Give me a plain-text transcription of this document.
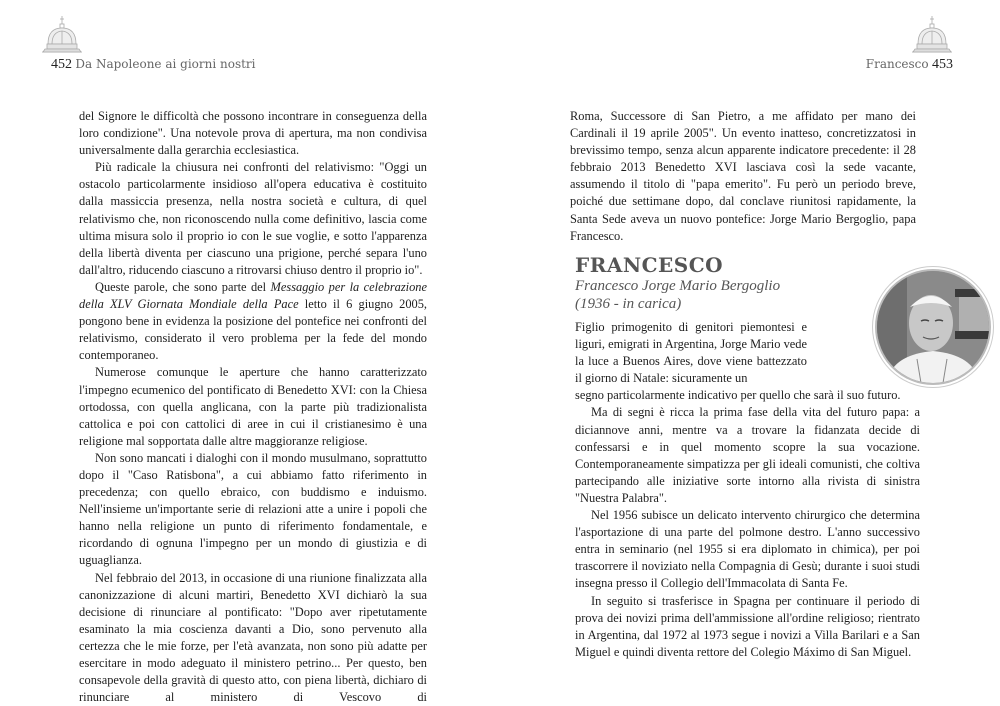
452 Da Napoleone ai giorni nostri

del Signore le difficoltà che possono incontrare in conseguenza della loro condizione". Una notevole prova di apertura, ma non condivisa universalmente dalla gerarchia ecclesiastica.

Più radicale la chiusura nei confronti del relativismo: "Oggi un ostacolo particolarmente insidioso all'opera educativa è costituito dalla massiccia presenza, nella nostra società e cultura, di quel relativismo che, non riconoscendo nulla come definitivo, lascia come ultima misura solo il proprio io con le sue voglie, e sotto l'apparenza della libertà diventa per ciascuno una prigione, perché separa l'uno dall'altro, riducendo ciascuno a ritrovarsi chiuso dentro il proprio io".

Queste parole, che sono parte del Messaggio per la celebrazione della XLV Giornata Mondiale della Pace letto il 6 giugno 2005, pongono bene in evidenza la posizione del pontefice nei confronti del relativismo, considerato il vero problema per la fede del mondo contemporaneo.

Numerose comunque le aperture che hanno caratterizzato l'impegno ecumenico del pontificato di Benedetto XVI: con la Chiesa ortodossa, con quella anglicana, con la parte più tradizionalista cattolica e poi con cattolici di aree in cui il cristianesimo è una religione mal sopportata dalle altre maggioranze religiose.

Non sono mancati i dialoghi con il mondo musulmano, soprattutto dopo il "Caso Ratisbona", a cui abbiamo fatto riferimento in precedenza; con quello ebraico, con buddismo e induismo. Nell'insieme un'importante serie di relazioni atte a unire i popoli che hanno nella religione un punto di riferimento fondamentale, e ricordando di ognuna l'impegno per un mondo di giustizia e di uguaglianza.

Nel febbraio del 2013, in occasione di una riunione finalizzata alla canonizzazione di alcuni martiri, Benedetto XVI dichiarò la sua decisione di rinunciare al pontificato: "Dopo aver ripetutamente esaminato la mia coscienza davanti a Dio, sono pervenuto alla certezza che le mie forze, per l'età avanzata, non sono più adatte per esercitare in modo adeguato il ministero petrino... Per questo, ben consapevole della gravità di questo atto, con piena libertà, dichiaro di rinunciare al ministero di Vescovo di

Francesco 453

Roma, Successore di San Pietro, a me affidato per mano dei Cardinali il 19 aprile 2005". Un evento inatteso, concretizzatosi in brevissimo tempo, senza alcun apparente indicatore precedente: il 28 febbraio 2013 Benedetto XVI lasciava così la sede vacante, assumendo il titolo di "papa emerito". Fu però un periodo breve, poiché due settimane dopo, dal conclave riunitosi rapidamente, la Santa Sede aveva un nuovo pontefice: Jorge Mario Bergoglio, papa Francesco.

FRANCESCO

Francesco Jorge Mario Bergoglio

(1936 - in carica)

Figlio primogenito di genitori piemontesi e liguri, emigrati in Argentina, Jorge Mario vede la luce a Buenos Aires, dove viene battezzato il giorno di Natale: sicuramente un
segno particolarmente indicativo per quello che sarà il suo futuro.

Ma di segni è ricca la prima fase della vita del futuro papa: a diciannove anni, mentre va a trovare la fidanzata decide di confessarsi e in quel momento scopre la sua vocazione. Contemporaneamente simpatizza per gli ideali comunisti, che coltiva partecipando alle iniziative sorte intorno alla rivista di sinistra "Nuestra Palabra".

Nel 1956 subisce un delicato intervento chirurgico che determina l'asportazione di una parte del polmone destro. L'anno successivo entra in seminario (nel 1955 si era diplomato in chimica), per poi trascorrere il noviziato nella Compagnia di Gesù; durante i suoi studi insegna presso il Collegio dell'Immacolata di Santa Fe.

In seguito si trasferisce in Spagna per continuare il periodo di prova dei novizi prima dell'ammissione all'ordine religioso; rientrato in Argentina, dal 1972 al 1973 segue i novizi a Villa Barilari e a San Miguel e quindi diventa rettore del Colegio Máximo di San Miguel.
